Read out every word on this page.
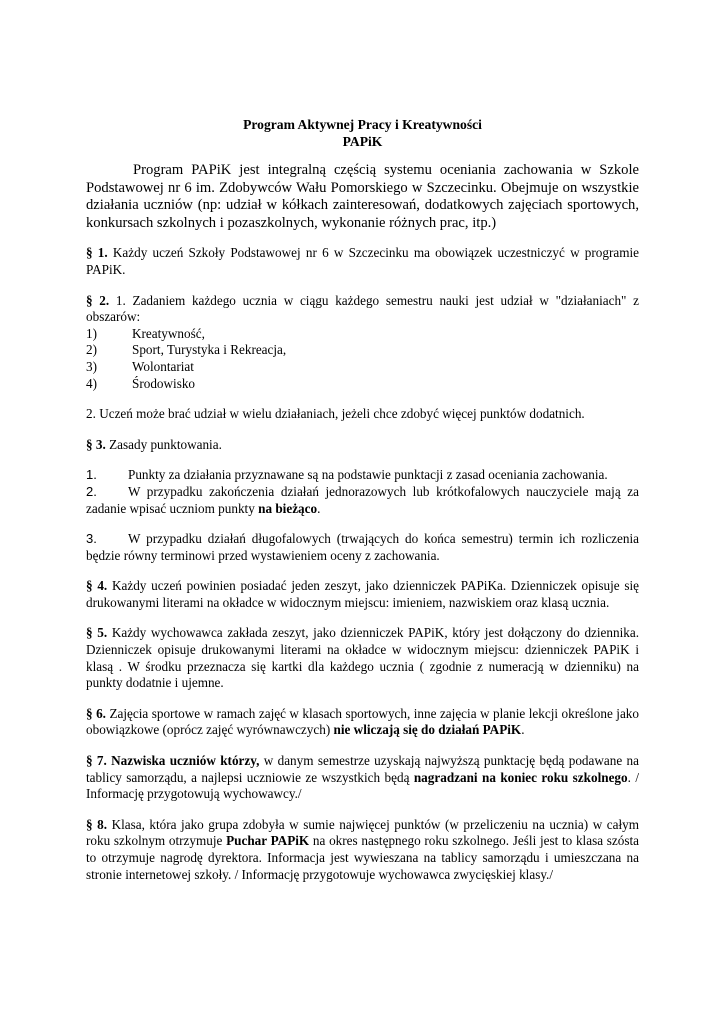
Program Aktywnej Pracy i Kreatywności
PAPiK

Program PAPiK jest integralną częścią systemu oceniania zachowania w Szkole Podstawowej nr 6 im. Zdobywców Wału Pomorskiego w Szczecinku. Obejmuje on wszystkie działania uczniów (np: udział w kółkach zainteresowań, dodatkowych zajęciach sportowych, konkursach szkolnych i pozaszkolnych, wykonanie różnych prac, itp.)

§ 1. Każdy uczeń Szkoły Podstawowej nr 6 w Szczecinku ma obowiązek uczestniczyć w programie PAPiK.

§ 2. 1. Zadaniem każdego ucznia w ciągu każdego semestru nauki jest udział w "działaniach" z obszarów:

1)	Kreatywność,
2)	Sport, Turystyka i Rekreacja,
3)	Wolontariat
4)	Środowisko

2. Uczeń może brać udział w wielu działaniach, jeżeli chce zdobyć więcej punktów dodatnich.

§ 3. Zasady punktowania.

1.	Punkty za działania przyznawane są na podstawie punktacji z zasad oceniania zachowania.
2. W przypadku zakończenia działań jednorazowych lub krótkofalowych nauczyciele mają za zadanie wpisać uczniom punkty na bieżąco.

3. W przypadku działań długofalowych (trwających do końca semestru) termin ich rozliczenia będzie równy terminowi przed wystawieniem oceny z zachowania.

§ 4. Każdy uczeń powinien posiadać jeden zeszyt, jako dzienniczek PAPiKa. Dzienniczek opisuje się drukowanymi literami na okładce w widocznym miejscu: imieniem, nazwiskiem oraz klasą ucznia.

§ 5. Każdy wychowawca zakłada zeszyt, jako dzienniczek PAPiK, który jest dołączony do dziennika. Dzienniczek opisuje drukowanymi literami na okładce w widocznym miejscu: dzienniczek PAPiK i klasą . W środku przeznacza się kartki dla każdego ucznia ( zgodnie z numeracją w dzienniku) na punkty dodatnie i ujemne.

§ 6. Zajęcia sportowe w ramach zajęć w klasach sportowych, inne zajęcia w planie lekcji określone jako obowiązkowe (oprócz zajęć wyrównawczych) nie wliczają się do działań PAPiK.

§ 7. Nazwiska uczniów którzy, w danym semestrze uzyskają najwyższą punktację będą podawane na tablicy samorządu, a najlepsi uczniowie ze wszystkich będą nagradzani na koniec roku szkolnego. / Informację przygotowują wychowawcy./

§ 8. Klasa, która jako grupa zdobyła w sumie najwięcej punktów (w przeliczeniu na ucznia) w całym roku szkolnym otrzymuje Puchar PAPiK na okres następnego roku szkolnego. Jeśli jest to klasa szósta to otrzymuje nagrodę dyrektora. Informacja jest wywieszana na tablicy samorządu i umieszczana na stronie internetowej szkoły. / Informację przygotowuje wychowawca zwycięskiej klasy./
